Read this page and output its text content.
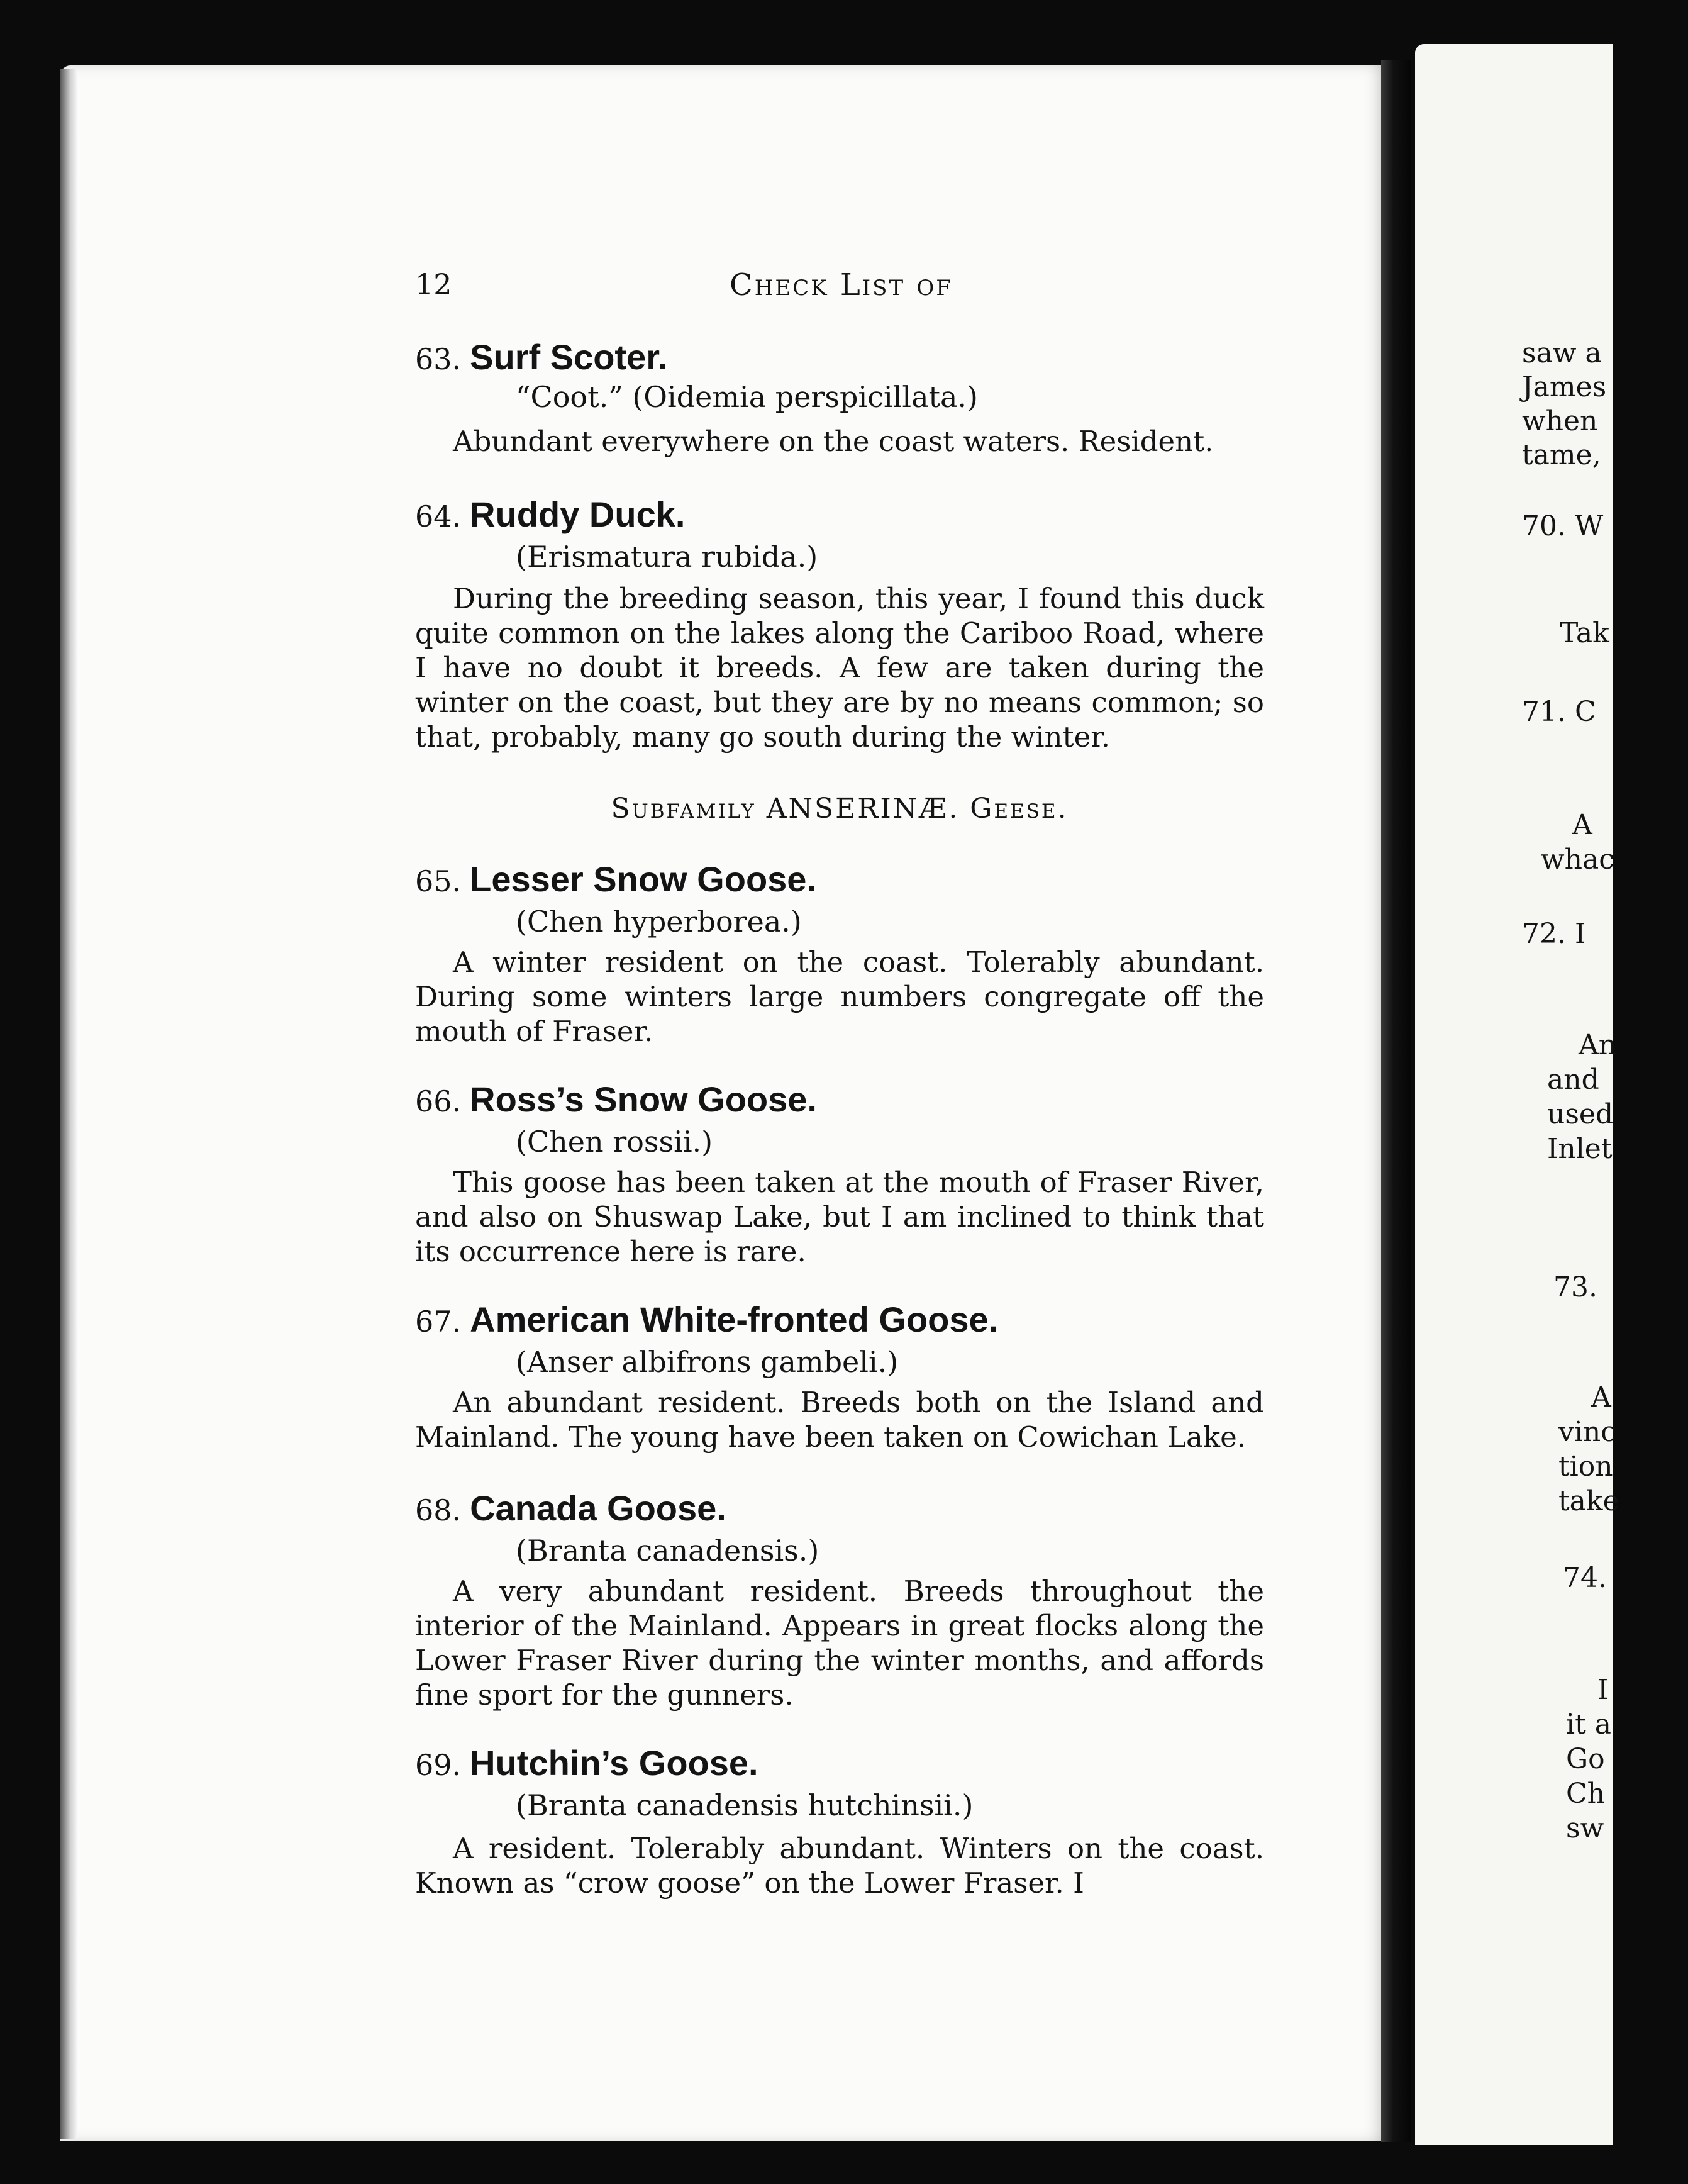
12	Check List of
63. Surf Scoter.
“Coot.” (Oidemia perspicillata.)
Abundant everywhere on the coast waters. Resident.
64. Ruddy Duck.
(Erismatura rubida.)
During the breeding season, this year, I found this duck quite common on the lakes along the Cariboo Road, where I have no doubt it breeds. A few are taken during the winter on the coast, but they are by no means common; so that, probably, many go south during the winter.
Subfamily ANSERINÆ. Geese.
65. Lesser Snow Goose.
(Chen hyperborea.)
A winter resident on the coast. Tolerably abundant. During some winters large numbers congregate off the mouth of Fraser.
66. Ross’s Snow Goose.
(Chen rossii.)
This goose has been taken at the mouth of Fraser River, and also on Shuswap Lake, but I am inclined to think that its occurrence here is rare.
67. American White-fronted Goose.
(Anser albifrons gambeli.)
An abundant resident. Breeds both on the Island and Mainland. The young have been taken on Cowichan Lake.
68. Canada Goose.
(Branta canadensis.)
A very abundant resident. Breeds throughout the interior of the Mainland. Appears in great flocks along the Lower Fraser River during the winter months, and affords fine sport for the gunners.
69. Hutchin’s Goose.
(Branta canadensis hutchinsii.)
A resident. Tolerably abundant. Winters on the coast. Known as “crow goose” on the Lower Fraser. I
saw a
James
when
tame,
70. W
Tak
71. C
A
whac
72. I
An
and
used
Inlet
73.
A
vinc
tion
take
74.
I
it a
Go
Ch
sw
